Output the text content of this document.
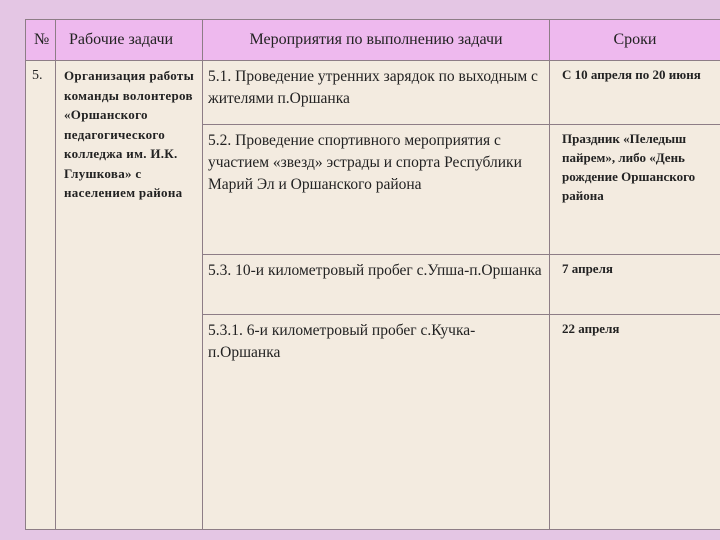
№	Рабочие задачи	Мероприятия по выполнению задачи	Сроки
5.	Организация работы команды волонтеров «Оршанского педагогического колледжа им. И.К. Глушкова» с населением района	5.1. Проведение утренних зарядок по выходным с жителями п.Оршанка	С 10 апреля по 20 июня
		5.2. Проведение спортивного мероприятия с участием «звезд» эстрады и спорта Республики Марий Эл и Оршанского района	Праздник «Пеледыш пайрем», либо «День рождение Оршанского района
		5.3. 10-и километровый пробег с.Упша-п.Оршанка	7 апреля
		5.3.1. 6-и километровый пробег с.Кучка-п.Оршанка	22 апреля
